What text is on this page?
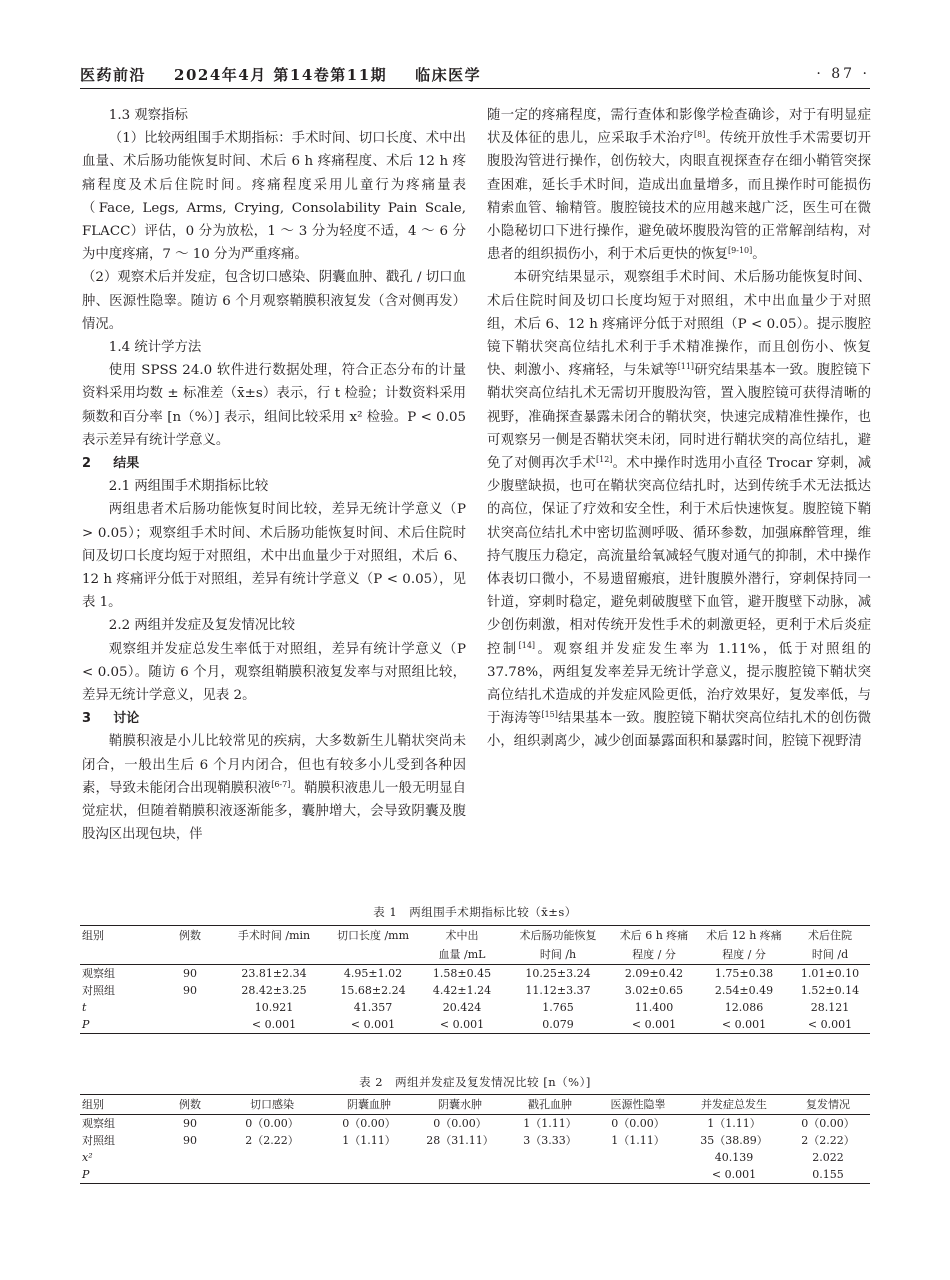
医药前沿 2024年4月 第14卷第11期 临床医学	· 87 ·

1.3 观察指标

（1）比较两组围手术期指标：手术时间、切口长度、术中出血量、术后肠功能恢复时间、术后 6 h 疼痛程度、术后 12 h 疼痛程度及术后住院时间。疼痛程度采用儿童行为疼痛量表（Face, Legs, Arms, Crying, Consolability Pain Scale, FLACC）评估，0 分为放松，1 ～ 3 分为轻度不适，4 ～ 6 分为中度疼痛，7 ～ 10 分为严重疼痛。

（2）观察术后并发症，包含切口感染、阴囊血肿、戳孔 / 切口血肿、医源性隐睾。随访 6 个月观察鞘膜积液复发（含对侧再发）情况。

1.4 统计学方法

使用 SPSS 24.0 软件进行数据处理，符合正态分布的计量资料采用均数 ± 标准差（x̄±s）表示，行 t 检验；计数资料采用频数和百分率 [n（%）] 表示，组间比较采用 x² 检验。P < 0.05 表示差异有统计学意义。

2 结果

2.1 两组围手术期指标比较

两组患者术后肠功能恢复时间比较，差异无统计学意义（P > 0.05）；观察组手术时间、术后肠功能恢复时间、术后住院时间及切口长度均短于对照组，术中出血量少于对照组，术后 6、12 h 疼痛评分低于对照组，差异有统计学意义（P < 0.05），见表 1。

2.2 两组并发症及复发情况比较

观察组并发症总发生率低于对照组，差异有统计学意义（P < 0.05）。随访 6 个月，观察组鞘膜积液复发率与对照组比较，差异无统计学意义，见表 2。

3 讨论

鞘膜积液是小儿比较常见的疾病，大多数新生儿鞘状突尚未闭合，一般出生后 6 个月内闭合，但也有较多小儿受到各种因素，导致未能闭合出现鞘膜积液[6-7]。鞘膜积液患儿一般无明显自觉症状，但随着鞘膜积液逐渐能多，囊肿增大，会导致阴囊及腹股沟区出现包块，伴

随一定的疼痛程度，需行查体和影像学检查确诊，对于有明显症状及体征的患儿，应采取手术治疗[8]。传统开放性手术需要切开腹股沟管进行操作，创伤较大，肉眼直视探查存在细小鞘管突探查困难，延长手术时间，造成出血量增多，而且操作时可能损伤精索血管、输精管。腹腔镜技术的应用越来越广泛，医生可在微小隐秘切口下进行操作，避免破坏腹股沟管的正常解剖结构，对患者的组织损伤小，利于术后更快的恢复[9-10]。

本研究结果显示，观察组手术时间、术后肠功能恢复时间、术后住院时间及切口长度均短于对照组，术中出血量少于对照组，术后 6、12 h 疼痛评分低于对照组（P < 0.05）。提示腹腔镜下鞘状突高位结扎术利于手术精准操作，而且创伤小、恢复快、刺激小、疼痛轻，与朱斌等[11]研究结果基本一致。腹腔镜下鞘状突高位结扎术无需切开腹股沟管，置入腹腔镜可获得清晰的视野，准确探查暴露未闭合的鞘状突，快速完成精准性操作，也可观察另一侧是否鞘状突未闭，同时进行鞘状突的高位结扎，避免了对侧再次手术[12]。术中操作时选用小直径 Trocar 穿刺，减少腹壁缺损，也可在鞘状突高位结扎时，达到传统手术无法抵达的高位，保证了疗效和安全性，利于术后快速恢复。腹腔镜下鞘状突高位结扎术中密切监测呼吸、循环参数，加强麻醉管理，维持气腹压力稳定，高流量给氧减轻气腹对通气的抑制，术中操作体表切口微小，不易遗留瘢痕，进针腹膜外潜行，穿刺保持同一针道，穿刺时稳定，避免刺破腹壁下血管，避开腹壁下动脉，减少创伤刺激，相对传统开发性手术的刺激更轻，更利于术后炎症控制[14]。观察组并发症发生率为 1.11%，低于对照组的 37.78%，两组复发率差异无统计学意义，提示腹腔镜下鞘状突高位结扎术造成的并发症风险更低，治疗效果好，复发率低，与于海涛等[15]结果基本一致。腹腔镜下鞘状突高位结扎术的创伤微小，组织剥离少，减少创面暴露面积和暴露时间，腔镜下视野清

表 1　两组围手术期指标比较（x̄±s）
组别	例数	手术时间 /min	切口长度 /mm	术中出	术后肠功能恢复	术后 6 h 疼痛	术后 12 h 疼痛	术后住院
				血量 /mL	时间 /h	程度 / 分	程度 / 分	时间 /d
观察组	90	23.81±2.34	4.95±1.02	1.58±0.45	10.25±3.24	2.09±0.42	1.75±0.38	1.01±0.10
对照组	90	28.42±3.25	15.68±2.24	4.42±1.24	11.12±3.37	3.02±0.65	2.54±0.49	1.52±0.14
t		10.921	41.357	20.424	1.765	11.400	12.086	28.121
P		< 0.001	< 0.001	< 0.001	0.079	< 0.001	< 0.001	< 0.001
表 2　两组并发症及复发情况比较 [n（%）]
组别	例数	切口感染	阴囊血肿	阴囊水肿	戳孔血肿	医源性隐睾	并发症总发生	复发情况
观察组	90	0（0.00）	0（0.00）	0（0.00）	1（1.11）	0（0.00）	1（1.11）	0（0.00）
对照组	90	2（2.22）	1（1.11）	28（31.11）	3（3.33）	1（1.11）	35（38.89）	2（2.22）
x²							40.139	2.022
P							< 0.001	0.155
